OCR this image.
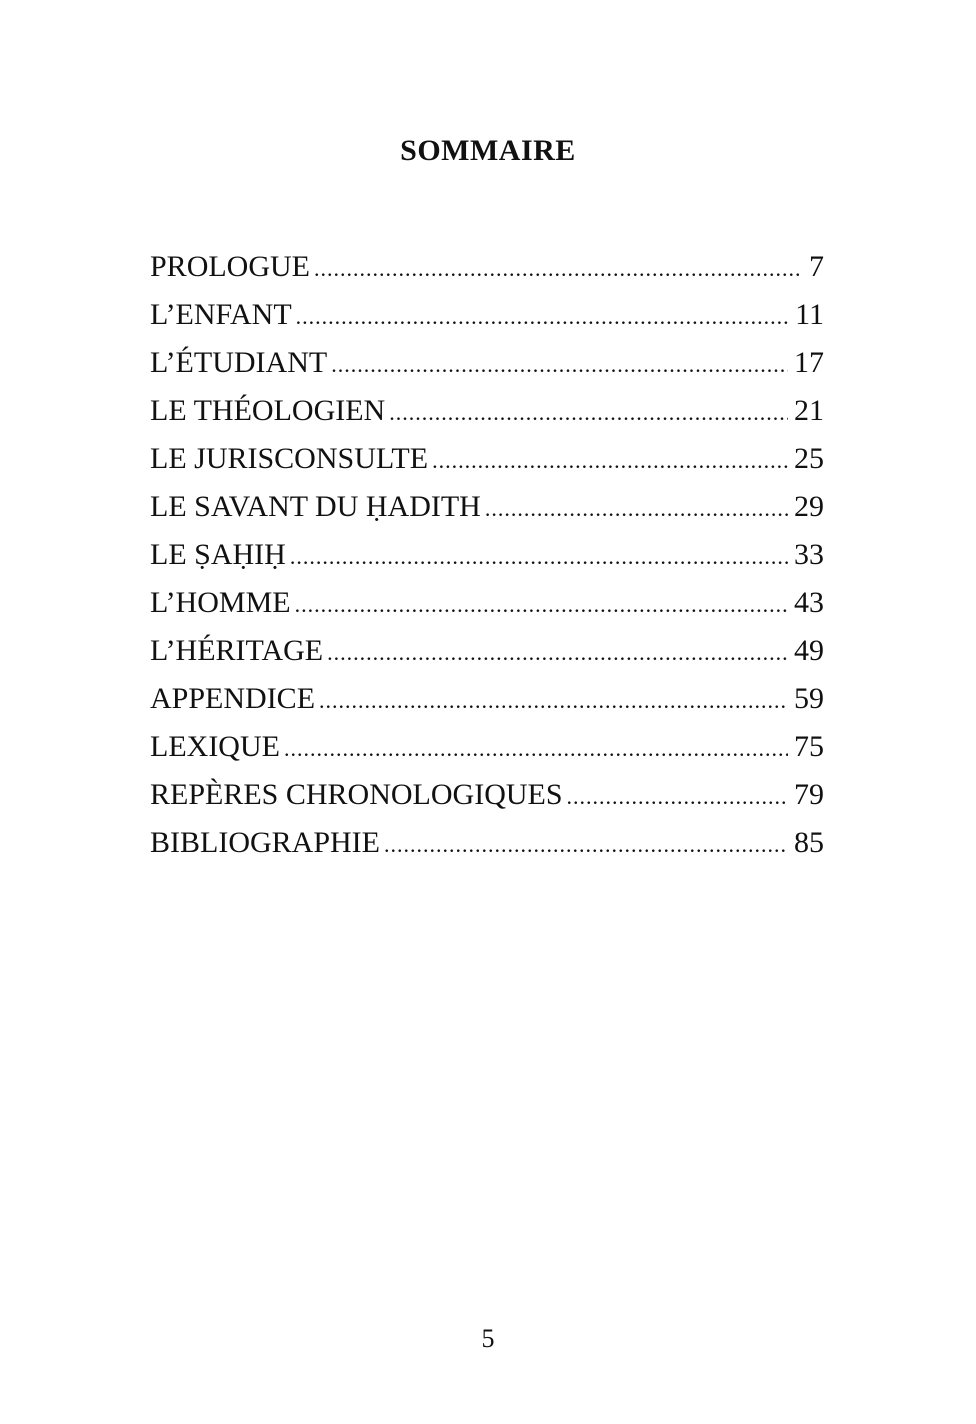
SOMMAIRE
PROLOGUE .....	7
L’ENFANT .....	11
L’ÉTUDIANT .....	17
LE THÉOLOGIEN .....	21
LE JURISCONSULTE .....	25
LE SAVANT DU ḤADITH .....	29
LE ṢAḤIḤ .....	33
L’HOMME .....	43
L’HÉRITAGE .....	49
APPENDICE .....	59
LEXIQUE .....	75
REPÈRES CHRONOLOGIQUES .....	79
BIBLIOGRAPHIE .....	85
5
